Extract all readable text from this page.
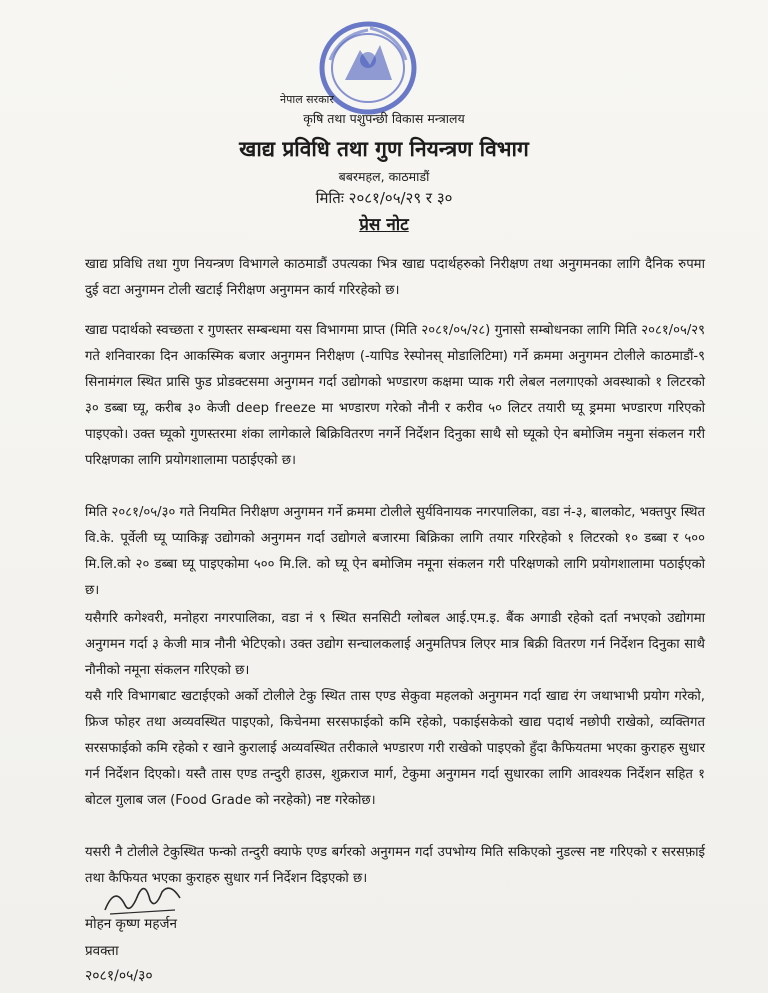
नेपाल सरकार
कृषि तथा पशुपन्छी विकास मन्त्रालय
खाद्य प्रविधि तथा गुण नियन्त्रण विभाग
बबरमहल, काठमाडौं
मितिः २०८१/०५/२९ र ३०
प्रेस नोट
खाद्य प्रविधि तथा गुण नियन्त्रण विभागले काठमाडौं उपत्यका भित्र खाद्य पदार्थहरुको निरीक्षण तथा अनुगमनका लागि दैनिक रुपमा दुई वटा अनुगमन टोली खटाई निरीक्षण अनुगमन कार्य गरिरहेको छ।
खाद्य पदार्थको स्वच्छता र गुणस्तर सम्बन्धमा यस विभागमा प्राप्त (मिति २०८१/०५/२८) गुनासो सम्बोधनका लागि मिति २०८१/०५/२९ गते शनिवारका दिन आकस्मिक बजार अनुगमन निरीक्षण (-यापिड रेस्पोनस् मोडालिटिमा) गर्ने क्रममा अनुगमन टोलीले काठमाडौं-९ सिनामंगल स्थित प्रासि फुड प्रोडक्टसमा अनुगमन गर्दा उद्योगको भण्डारण कक्षमा प्याक गरी लेबल नलगाएको अवस्थाको १ लिटरको ३० डब्बा घ्यू, करीब ३० केजी deep freeze मा भण्डारण गरेको नौनी र करीव ५० लिटर तयारी घ्यू ड्रममा भण्डारण गरिएको पाइएको। उक्त घ्यूको गुणस्तरमा शंका लागेकाले बिक्रिवितरण नगर्ने निर्देशन दिनुका साथै सो घ्यूको ऐन बमोजिम नमुना संकलन गरी परिक्षणका लागि प्रयोगशालामा पठाईएको छ।
मिति २०८१/०५/३० गते नियमित निरीक्षण अनुगमन गर्ने क्रममा टोलीले सुर्यविनायक नगरपालिका, वडा नं-३, बालकोट, भक्तपुर स्थित वि.के. पूर्वेली घ्यू प्याकिङ्ग उद्योगको अनुगमन गर्दा उद्योगले बजारमा बिक्रिका लागि तयार गरिरहेको १ लिटरको १० डब्बा र ५०० मि.लि.को २० डब्बा घ्यू पाइएकोमा ५०० मि.लि. को घ्यू ऐन बमोजिम नमूना संकलन गरी परिक्षणको लागि प्रयोगशालामा पठाईएको छ।
यसैगरि कगेश्वरी, मनोहरा नगरपालिका, वडा नं ९ स्थित सनसिटी ग्लोबल आई.एम.इ. बैंक अगाडी रहेको दर्ता नभएको उद्योगमा अनुगमन गर्दा ३ केजी मात्र नौनी भेटिएको। उक्त उद्योग सन्चालकलाई अनुमतिपत्र लिएर मात्र बिक्री वितरण गर्न निर्देशन दिनुका साथै नौनीको नमूना संकलन गरिएको छ।
यसै गरि विभागबाट खटाईएको अर्को टोलीले टेकु स्थित तास एण्ड सेकुवा महलको अनुगमन गर्दा खाद्य रंग जथाभाभी प्रयोग गरेको, फ्रिज फोहर तथा अव्यवस्थित पाइएको, किचेनमा सरसफाईको कमि रहेको, पकाईसकेको खाद्य पदार्थ नछोपी राखेको, व्यक्तिगत सरसफाईको कमि रहेको र खाने कुरालाई अव्यवस्थित तरीकाले भण्डारण गरी राखेको पाइएको हुँदा कैफियतमा भएका कुराहरु सुधार गर्न निर्देशन दिएको। यस्तै तास एण्ड तन्दुरी हाउस, शुक्रराज मार्ग, टेकुमा अनुगमन गर्दा सुधारका लागि आवश्यक निर्देशन सहित १ बोटल गुलाब जल (Food Grade को नरहेको) नष्ट गरेकोछ।
यसरी नै टोलीले टेकुस्थित फन्को तन्दुरी क्याफे एण्ड बर्गरको अनुगमन गर्दा उपभोग्य मिति सकिएको नुडल्स नष्ट गरिएको र सरसफ़ाई तथा कैफियत भएका कुराहरु सुधार गर्न निर्देशन दिइएको छ।
मोहन कृष्ण महर्जन
प्रवक्ता
२०८१/०५/३०
